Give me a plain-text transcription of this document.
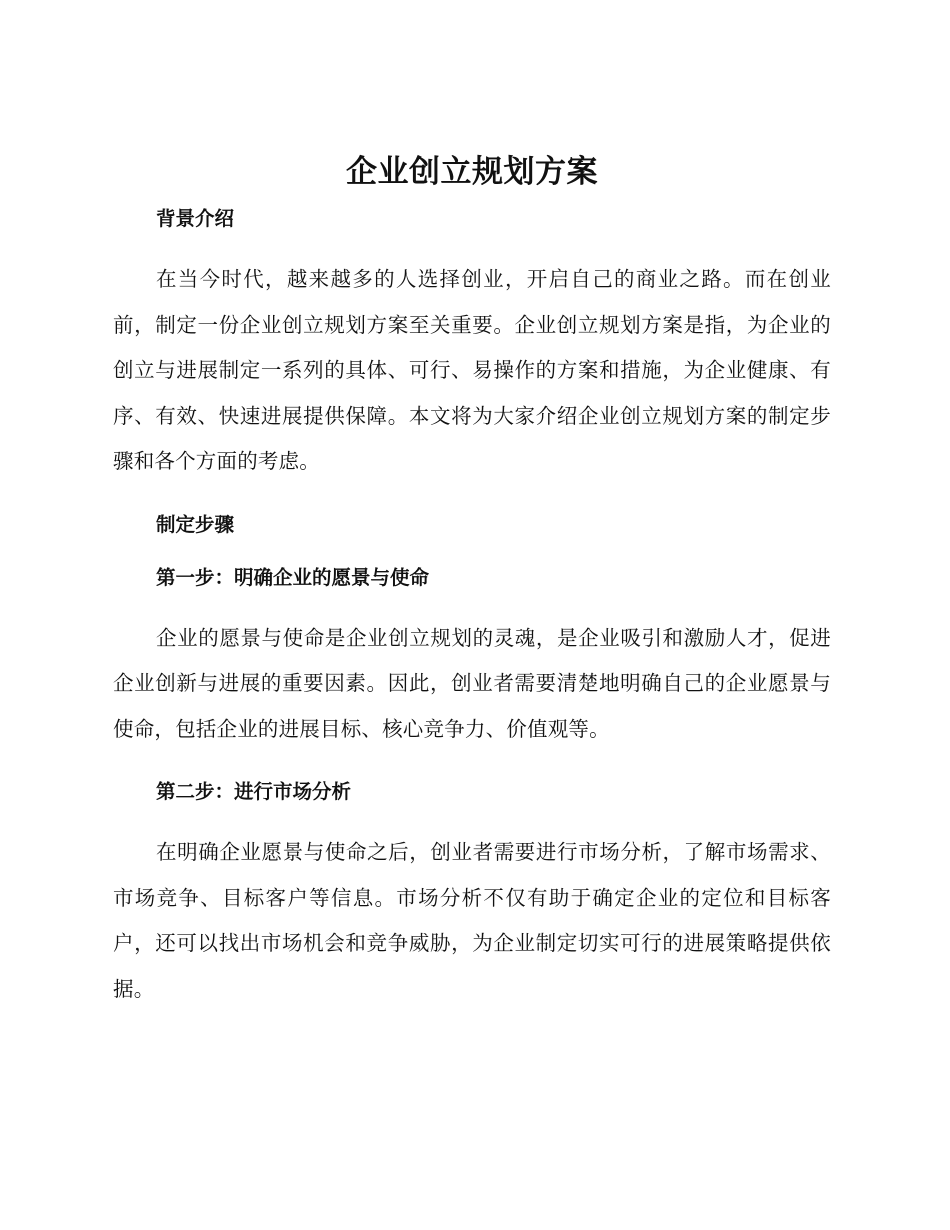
企业创立规划方案
背景介绍

在当今时代，越来越多的人选择创业，开启自己的商业之路。而在创业前，制定一份企业创立规划方案至关重要。企业创立规划方案是指，为企业的创立与进展制定一系列的具体、可行、易操作的方案和措施，为企业健康、有序、有效、快速进展提供保障。本文将为大家介绍企业创立规划方案的制定步骤和各个方面的考虑。

制定步骤
第一步：明确企业的愿景与使命

企业的愿景与使命是企业创立规划的灵魂，是企业吸引和激励人才，促进企业创新与进展的重要因素。因此，创业者需要清楚地明确自己的企业愿景与使命，包括企业的进展目标、核心竞争力、价值观等。

第二步：进行市场分析

在明确企业愿景与使命之后，创业者需要进行市场分析，了解市场需求、市场竞争、目标客户等信息。市场分析不仅有助于确定企业的定位和目标客户，还可以找出市场机会和竞争威胁，为企业制定切实可行的进展策略提供依据。
